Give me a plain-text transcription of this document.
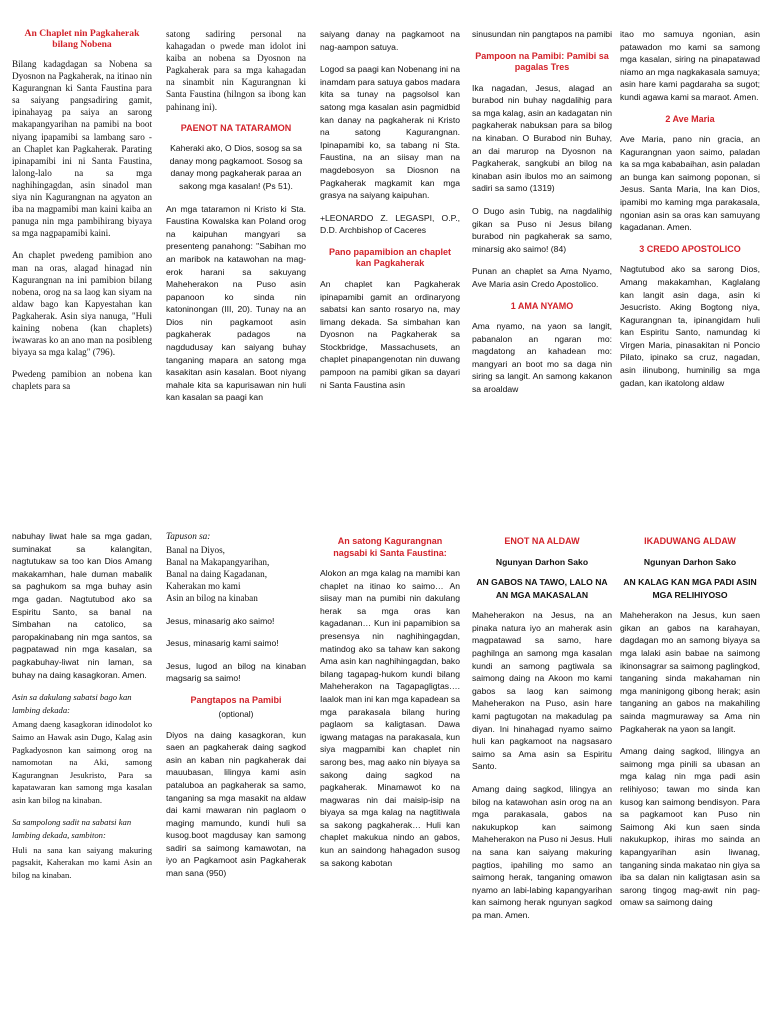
An Chaplet nin Pagkaherak bilang Nobena

Bilang kadagdagan sa Nobena sa Dyosnon na Pagkaherak, na itinao nin Kagurangnan ki Santa Faustina para sa saiyang pangsadiring gamit, ipinahayag pa saiya an sarong makapangyarihan na pamibi na boot niyang ipapamibi sa lambang saro - an Chaplet kan Pagkaherak. Parating ipinapamibi ini ni Santa Faustina, lalong-lalo na sa mga naghihingagdan, asin sinadol man siya nin Kagurangnan na agyaton an iba na magpamibi man kaini kaiba an panuga nin mga pambihirang biyaya sa mga nagpapamibi kaini.

An chaplet pwedeng pamibion ano man na oras, alagad hinagad nin Kagurangnan na ini pamibion bilang nobena, orog na sa laog kan siyam na aldaw bago kan Kapyestahan kan Pagkaherak. Asin siya nanuga, "Huli kaining nobena (kan chaplets) iwawaras ko an ano man na posibleng biyaya sa mga kalag" (796).

Pwedeng pamibion an nobena kan chaplets para sa

satong sadiring personal na kahagadan o pwede man idolot ini kaiba an nobena sa Dyosnon na Pagkaherak para sa mga kahagadan na sinambit nin Kagurangnan ki Santa Faustina (hilngon sa ibong kan pahinang ini).

PAENOT NA TATARAMON

Kaheraki ako, O Dios, sosog sa sa danay mong pagkamoot. Sosog sa danay mong pagkaherak paraa an sakong mga kasalan! (Ps 51).

An mga tataramon ni Kristo ki Sta. Faustina Kowalska kan Poland orog na kaipuhan mangyari sa presenteng panahong: "Sabihan mo an maribok na katawohan na mag-erok harani sa sakuyang Maheherakon na Puso asin papanoon ko sinda nin katoninongan (III, 20). Tunay na an Dios nin pagkamoot asin pagkaherak padagos na nagdudusay kan saiyang buhay tanganing mapara an satong mga kasakitan asin kasalan. Boot niyang mahale kita sa kapurisawan nin huli kan kasalan sa paagi kan

saiyang danay na pagkamoot na nag-aampon satuya.

Logod sa paagi kan Nobenang ini na inamdam para satuya gabos madara kita sa tunay na pagsolsol kan satong mga kasalan asin pagmidbid kan danay na pagkaherak ni Kristo na satong Kagurangnan. Ipinapamibi ko, sa tabang ni Sta. Faustina, na an siisay man na magdebosyon sa Diosnon na Pagkaherak magkamit kan mga grasya na saiyang kaipuhan.

+LEONARDO Z. LEGASPI, O.P., D.D. Archbishop of Caceres

Pano papamibion an chaplet kan Pagkaherak

An chaplet kan Pagkaherak ipinapamibi gamit an ordinaryong sabatsi kan santo rosaryo na, may limang dekada. Sa simbahan kan Dyosnon na Pagkaherak sa Stockbridge, Massachusets, an chaplet pinapangenotan nin duwang pampoon na pamibi gikan sa dayari ni Santa Faustina asin

sinusundan nin pangtapos na pamibi

Pampoon na Pamibi: Pamibi sa pagalas Tres

Ika nagadan, Jesus, alagad an burabod nin buhay nagdalihig para sa mga kalag, asin an kadagatan nin pagkaherak nabuksan para sa bilog na kinaban. O Burabod nin Buhay, an dai marurop na Dyosnon na Pagkaherak, sangkubi an bilog na kinaban asin ibulos mo an saimong sadiri sa samo (1319)

O Dugo asin Tubig, na nagdalihig gikan sa Puso ni Jesus bilang burabod nin pagkaherak sa samo, minarsig ako saimo! (84)

Punan an chaplet sa Ama Nyamo, Ave Maria asin Credo Apostolico.

1 AMA NYAMO

Ama nyamo, na yaon sa langit, pabanalon an ngaran mo: magdatong an kahadean mo: mangyari an boot mo sa daga nin siring sa langit. An samong kakanon sa aroaldaw

itao mo samuya ngonian, asin patawadon mo kami sa samong mga kasalan, siring na pinapatawad niamo an mga nagkakasala samuya; asin hare kami pagdaraha sa sugot; kundi agawa kami sa maraot. Amen.

2 Ave Maria

Ave Maria, pano nin gracia, an Kagurangnan yaon saimo, paladan ka sa mga kababaihan, asin paladan an bunga kan saimong poponan, si Jesus. Santa Maria, Ina kan Dios, ipamibi mo kaming mga parakasala, ngonian asin sa oras kan samuyang kagadanan. Amen.

3 CREDO APOSTOLICO

Nagtutubod ako sa sarong Dios, Amang makakamhan, Kaglalang kan langit asin daga, asin ki Jesucristo. Aking Bogtong niya, Kagurangnan ta, ipinangidam huli kan Espiritu Santo, namundag ki Virgen Maria, pinasakitan ni Poncio Pilato, ipinako sa cruz, nagadan, asin ilinubong, huminilig sa mga gadan, kan ikatolong aldaw

nabuhay liwat hale sa mga gadan, suminakat sa kalangitan, nagtutukaw sa too kan Dios Amang makakamhan, hale duman mabalik sa paghukom sa mga buhay asin mga gadan. Nagtutubod ako sa Espiritu Santo, sa banal na Simbahan na catolico, sa paropakinabang nin mga santos, sa pagpatawad nin mga kasalan, sa pagkabuhay-liwat nin laman, sa buhay na daing kasagkoran. Amen.

Asin sa dakulang sabatsi bago kan lambing dekada:

Amang daeng kasagkoran idinodolot ko Saimo an Hawak asin Dugo, Kalag asin Pagkadyosnon kan saimong orog na namomotan na Aki, samong Kagurangnan Jesukristo, Para sa kapatawaran kan samong mga kasalan asin kan bilog na kinaban.

Sa sampolong sadit na sabatsi kan lambing dekada, sambiton:

Huli na sana kan saiyang makuring pagsakit, Kaherakan mo kami Asin an bilog na kinaban.

Tapuson sa:

Banal na Diyos,

Banal na Makapangyarihan,

Banal na daing Kagadanan,

Kaherakan mo kami

Asin an bilog na kinaban

Jesus, minasarig ako saimo!

Jesus, minasarig kami saimo!

Jesus, lugod an bilog na kinaban magsarig sa saimo!

Pangtapos na Pamibi

(optional)

Diyos na daing kasagkoran, kun saen an pagkaherak daing sagkod asin an kaban nin pagkaherak dai mauubasan, lilingya kami asin pataluboa an pagkaherak sa samo, tanganing sa mga masakit na aldaw dai kami mawaran nin paglaom o maging mamundo, kundi huli sa kusog.boot magdusay kan samong sadiri sa saimong kamawotan, na iyo an Pagkamoot asin Pagkaherak man sana (950)

An satong Kagurangnan nagsabi ki Santa Faustina:

Alokon an mga kalag na mamibi kan chaplet na itinao ko saimo… An siisay man na pumibi nin dakulang herak sa mga oras kan kagadanan… Kun ini papamibion sa presensya nin naghihingagdan, matindog ako sa tahaw kan sakong Ama asin kan naghihingagdan, bako bilang tagapag-hukom kundi bilang Maheherakon na Tagapagligtas…. Iaalok man ini kan mga kapadean sa mga parakasala bilang huring paglaom sa kaligtasan. Dawa igwang matagas na parakasala, kun siya magpamibi kan chaplet nin sarong bes, mag aako nin biyaya sa sakong daing sagkod na pagkaherak. Minamawot ko na magwaras nin dai maisip-isip na biyaya sa mga kalag na nagtitiwala sa sakong pagkaherak… Huli kan chaplet makukua nindo an gabos, kun an saindong hahagadon susog sa sakong kabotan

ENOT NA ALDAW

Ngunyan Darhon Sako

AN GABOS NA TAWO, LALO NA AN MGA MAKASALAN

Maheherakon na Jesus, na an pinaka natura iyo an maherak asin magpatawad sa samo, hare paghilnga an samong mga kasalan kundi an samong pagtiwala sa saimong daing na Akoon mo kami gabos sa laog kan saimong Maheherakon na Puso, asin hare kami pagtugotan na makadulag pa diyan. Ini hinahagad nyamo saimo huli kan pagkamoot na nagsasaro saimo sa Ama asin sa Espiritu Santo.

Amang daing sagkod, lilingya an bilog na katawohan asin orog na an mga parakasala, gabos na nakukupkop kan saimong Maheherakon na Puso ni Jesus. Huli na sana kan saiyang makuring pagtios, ipahiling mo samo an saimong herak, tanganing omawon nyamo an labi-labing kapangyarihan kan saimong herak ngunyan sagkod pa man. Amen.

IKADUWANG ALDAW

Ngunyan Darhon Sako

AN KALAG KAN MGA PADI ASIN MGA RELIHIYOSO

Maheherakon na Jesus, kun saen gikan an gabos na karahayan, dagdagan mo an samong biyaya sa mga lalaki asin babae na saimong ikinonsagrar sa saimong paglingkod, tanganing sinda makahaman nin mga maninigong gibong herak; asin tanganing an gabos na makahiling sainda magmuraway sa Ama nin Pagkaherak na yaon sa langit.

Amang daing sagkod, lilingya an saimong mga pinili sa ubasan an mga kalag nin mga padi asin relihiyoso; tawan mo sinda kan kusog kan saimong bendisyon. Para sa pagkamoot kan Puso nin Saimong Aki kun saen sinda nakukupkop, ihiras mo sainda an kapangyarihan asin liwanag, tanganing sinda makatao nin giya sa iba sa dalan nin kaligtasan asin sa sarong tingog mag-awit nin pag-omaw sa saimong daing
